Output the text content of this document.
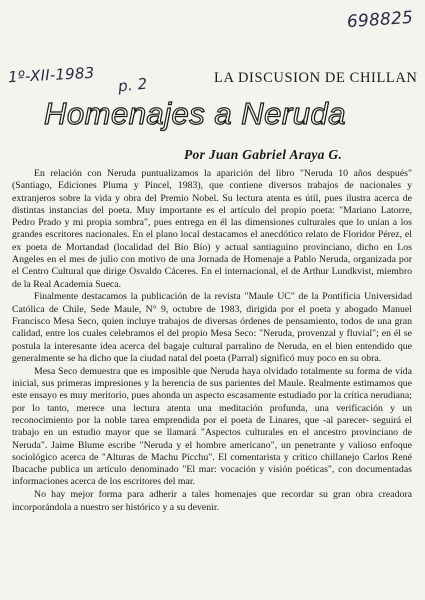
698825
1º-XII-1983 p. 2	LA DISCUSION DE CHILLAN
Homenajes a Neruda

Por Juan Gabriel Araya G.

En relación con Neruda puntualizamos la aparición del libro "Neruda 10 años después" (Santiago, Ediciones Pluma y Pincel, 1983), que contiene diversos trabajos de nacionales y extranjeros sobre la vida y obra del Premio Nobel. Su lectura atenta es útil, pues ilustra acerca de distintas instancias del poeta. Muy importante es el artículo del propio poeta: "Mariano Latorre, Pedro Prado y mi propia sombra", pues entrega en él las dimensiones culturales que lo unían a los grandes escritores nacionales. En el plano local destacamos el anecdótico relato de Floridor Pérez, el ex poeta de Mortandad (localidad del Bío Bío) y actual santiaguino provinciano, dicho en Los Angeles en el mes de julio con motivo de una Jornada de Homenaje a Pablo Neruda, organizada por el Centro Cultural que dirige Osvaldo Cáceres. En el internacional, el de Arthur Lundkvist, miembro de la Real Academia Sueca.

Finalmente destacamos la publicación de la revista "Maule UC" de la Pontificia Universidad Católica de Chile, Sede Maule, N° 9, octubre de 1983, dirigida por el poeta y abogado Manuel Francisco Mesa Seco, quien incluye trabajos de diversas órdenes de pensamiento, todos de una gran calidad, entre los cuales celebramos el del propio Mesa Seco: "Neruda, provenzal y fluvial"; en él se postula la interesante idea acerca del bagaje cultural parralino de Neruda, en el bien entendido que generalmente se ha dicho que la ciudad natal del poeta (Parral) significó muy poco en su obra.

Mesa Seco demuestra que es imposible que Neruda haya olvidado totalmente su forma de vida inicial, sus primeras impresiones y la herencia de sus parientes del Maule. Realmente estimamos que este ensayo es muy meritorio, pues ahonda un aspecto escasamente estudiado por la crítica nerudiana; por lo tanto, merece una lectura atenta una meditación profunda, una verificación y un reconocimiento por la noble tarea emprendida por el poeta de Linares, que -al parecer- seguirá el trabajo en un estudio mayor que se llamará "Aspectos culturales en el ancestro provinciano de Neruda". Jaime Blume escribe "Neruda y el hombre americano", un penetrante y valioso enfoque sociológico acerca de "Alturas de Machu Picchu". El comentarista y crítico chillanejo Carlos René Ibacache publica un artículo denominado "El mar: vocación y visión poéticas", con documentadas informaciones acerca de los escritores del mar.

No hay mejor forma para adherir a tales homenajes que recordar su gran obra creadora incorporándola a nuestro ser histórico y a su devenir.
